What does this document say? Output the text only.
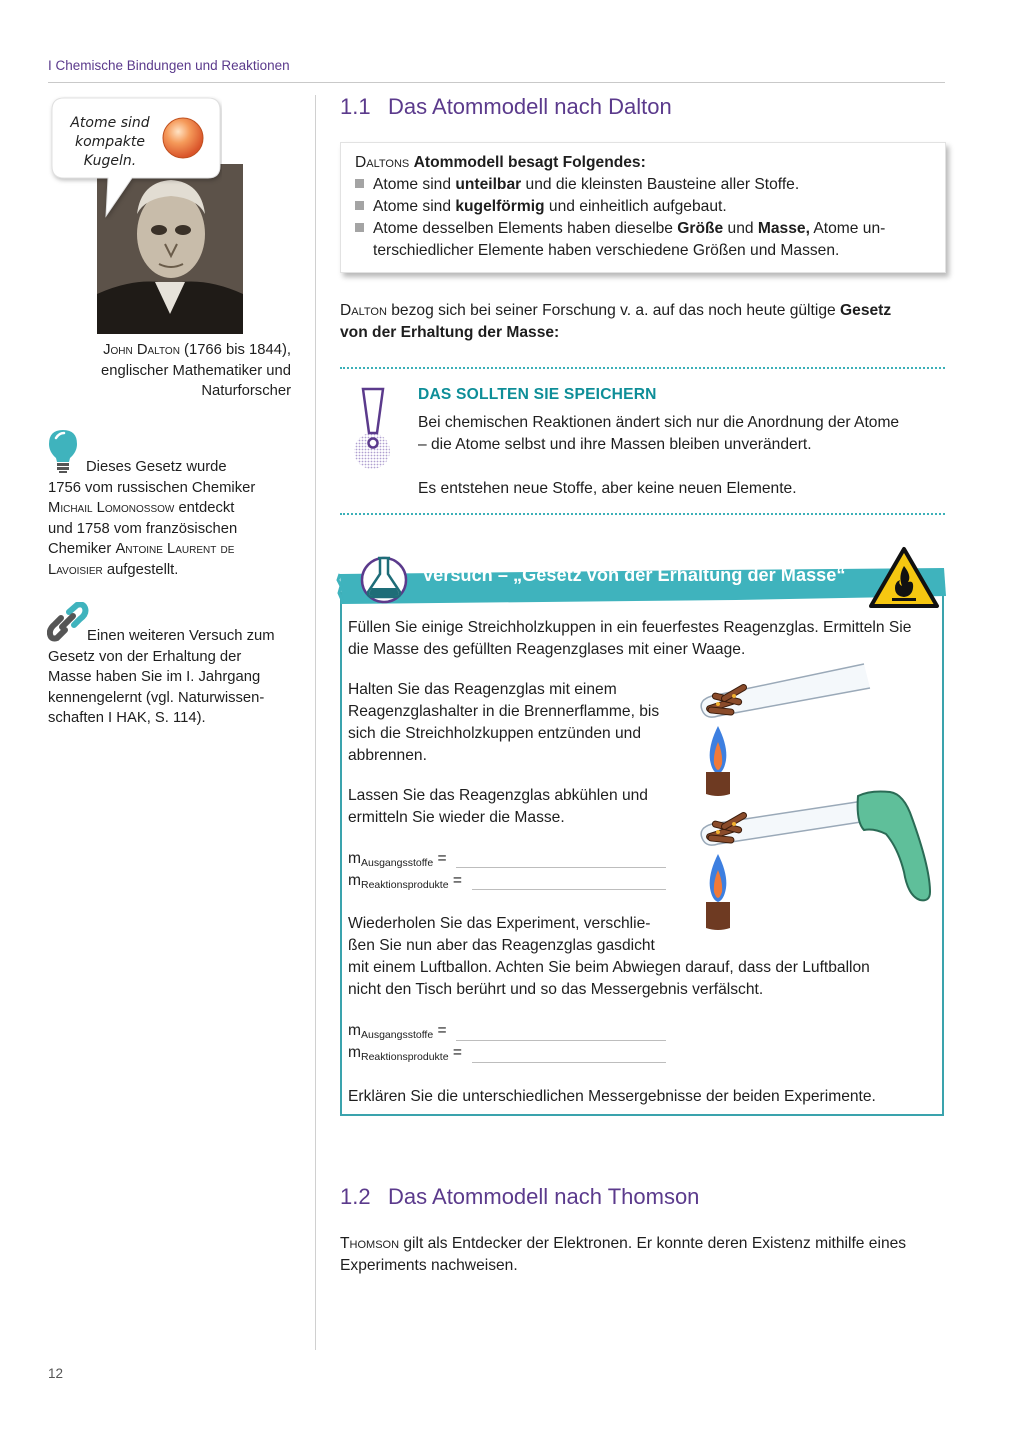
I Chemische Bindungen und Reaktionen
1.1 Das Atommodell nach Dalton
Daltons Atommodell besagt Folgendes:
Atome sind unteilbar und die kleinsten Bausteine aller Stoffe.
Atome sind kugelförmig und einheitlich aufgebaut.
Atome desselben Elements haben dieselbe Größe und Masse, Atome un-
terschiedlicher Elemente haben verschiedene Größen und Massen.
Dalton bezog sich bei seiner Forschung v. a. auf das noch heute gültige Gesetz
von der Erhaltung der Masse:
DAS SOLLTEN SIE SPEICHERN
Bei chemischen Reaktionen ändert sich nur die Anordnung der Atome
– die Atome selbst und ihre Massen bleiben unverändert.
Es entstehen neue Stoffe, aber keine neuen Elemente.
Versuch – „Gesetz von der Erhaltung der Masse“
Füllen Sie einige Streichholzkuppen in ein feuerfestes Reagenzglas. Ermitteln Sie
die Masse des gefüllten Reagenzglases mit einer Waage.
Halten Sie das Reagenzglas mit einem
Reagenzglashalter in die Brennerflamme, bis
sich die Streichholzkuppen entzünden und
abbrennen.
Lassen Sie das Reagenzglas abkühlen und
ermitteln Sie wieder die Masse.
$m_{Ausgangsstoffe}$ =
$m_{Reaktionsprodukte}$ =
Wiederholen Sie das Experiment, verschlie-
ßen Sie nun aber das Reagenzglas gasdicht
mit einem Luftballon. Achten Sie beim Abwiegen darauf, dass der Luftballon
nicht den Tisch berührt und so das Messergebnis verfälscht.
$m_{Ausgangsstoffe}$ =
$m_{Reaktionsprodukte}$ =
Erklären Sie die unterschiedlichen Messergebnisse der beiden Experimente.
1.2 Das Atommodell nach Thomson
Thomson gilt als Entdecker der Elektronen. Er konnte deren Existenz mithilfe eines
Experiments nachweisen.
Atome sind
kompakte
Kugeln.
John Dalton (1766 bis 1844),
englischer Mathematiker und
Naturforscher
Dieses Gesetz wurde
1756 vom russischen Chemiker
Michail Lomonossow entdeckt
und 1758 vom französischen
Chemiker Antoine Laurent de
Lavoisier aufgestellt.
Einen weiteren Versuch zum
Gesetz von der Erhaltung der
Masse haben Sie im I. Jahrgang
kennengelernt (vgl. Naturwissen-
schaften I HAK, S. 114).
12
